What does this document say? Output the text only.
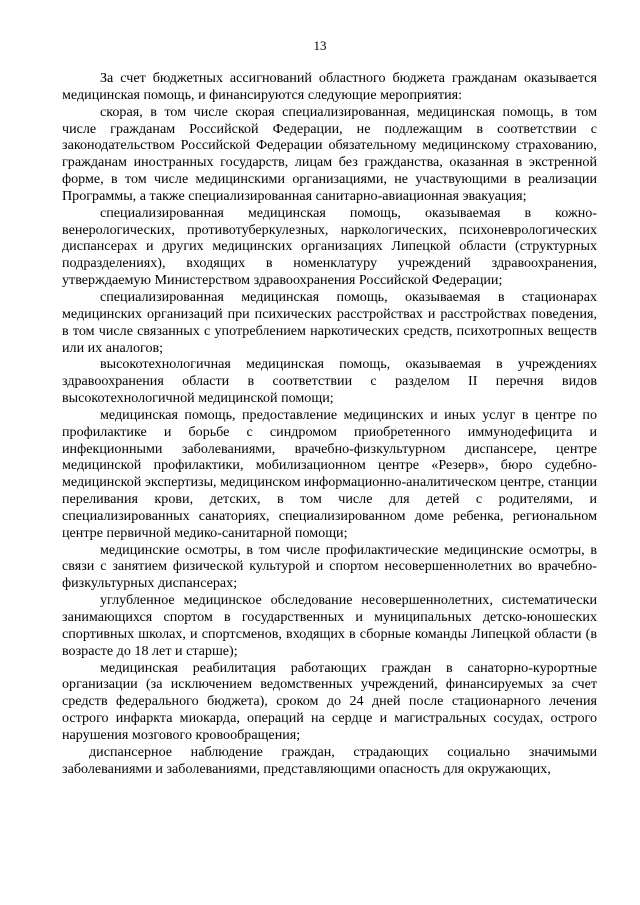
13

За счет бюджетных ассигнований областного бюджета гражданам оказывается медицинская помощь, и финансируются следующие мероприятия:

скорая, в том числе скорая специализированная, медицинская помощь, в том числе гражданам Российской Федерации, не подлежащим в соответствии с законодательством Российской Федерации обязательному медицинскому страхованию, гражданам иностранных государств, лицам без гражданства, оказанная в экстренной форме, в том числе медицинскими организациями, не участвующими в реализации Программы, а также специализированная санитарно-авиационная эвакуация;

специализированная медицинская помощь, оказываемая в кожно-венерологических, противотуберкулезных, наркологических, психоневрологических диспансерах и других медицинских организациях Липецкой области (структурных подразделениях), входящих в номенклатуру учреждений здравоохранения, утверждаемую Министерством здравоохранения Российской Федерации;

специализированная медицинская помощь, оказываемая в стационарах медицинских организаций при психических расстройствах и расстройствах поведения, в том числе связанных с употреблением наркотических средств, психотропных веществ или их аналогов;

высокотехнологичная медицинская помощь, оказываемая в учреждениях здравоохранения области в соответствии с разделом II перечня видов высокотехнологичной медицинской помощи;

медицинская помощь, предоставление медицинских и иных услуг в центре по профилактике и борьбе с синдромом приобретенного иммунодефицита и инфекционными заболеваниями, врачебно-физкультурном диспансере, центре медицинской профилактики, мобилизационном центре «Резерв», бюро судебно-медицинской экспертизы, медицинском информационно-аналитическом центре, станции переливания крови, детских, в том числе для детей с родителями, и специализированных санаториях, специализированном доме ребенка, региональном центре первичной медико-санитарной помощи;

медицинские осмотры, в том числе профилактические медицинские осмотры, в связи с занятием физической культурой и спортом несовершеннолетних во врачебно-физкультурных диспансерах;

углубленное медицинское обследование несовершеннолетних, систематически занимающихся спортом в государственных и муниципальных детско-юношеских спортивных школах, и спортсменов, входящих в сборные команды Липецкой области (в возрасте до 18 лет и старше);

медицинская реабилитация работающих граждан в санаторно-курортные организации (за исключением ведомственных учреждений, финансируемых за счет средств федерального бюджета), сроком до 24 дней после стационарного лечения острого инфаркта миокарда, операций на сердце и магистральных сосудах, острого нарушения мозгового кровообращения;

диспансерное наблюдение граждан, страдающих социально значимыми заболеваниями и заболеваниями, представляющими опасность для окружающих,
